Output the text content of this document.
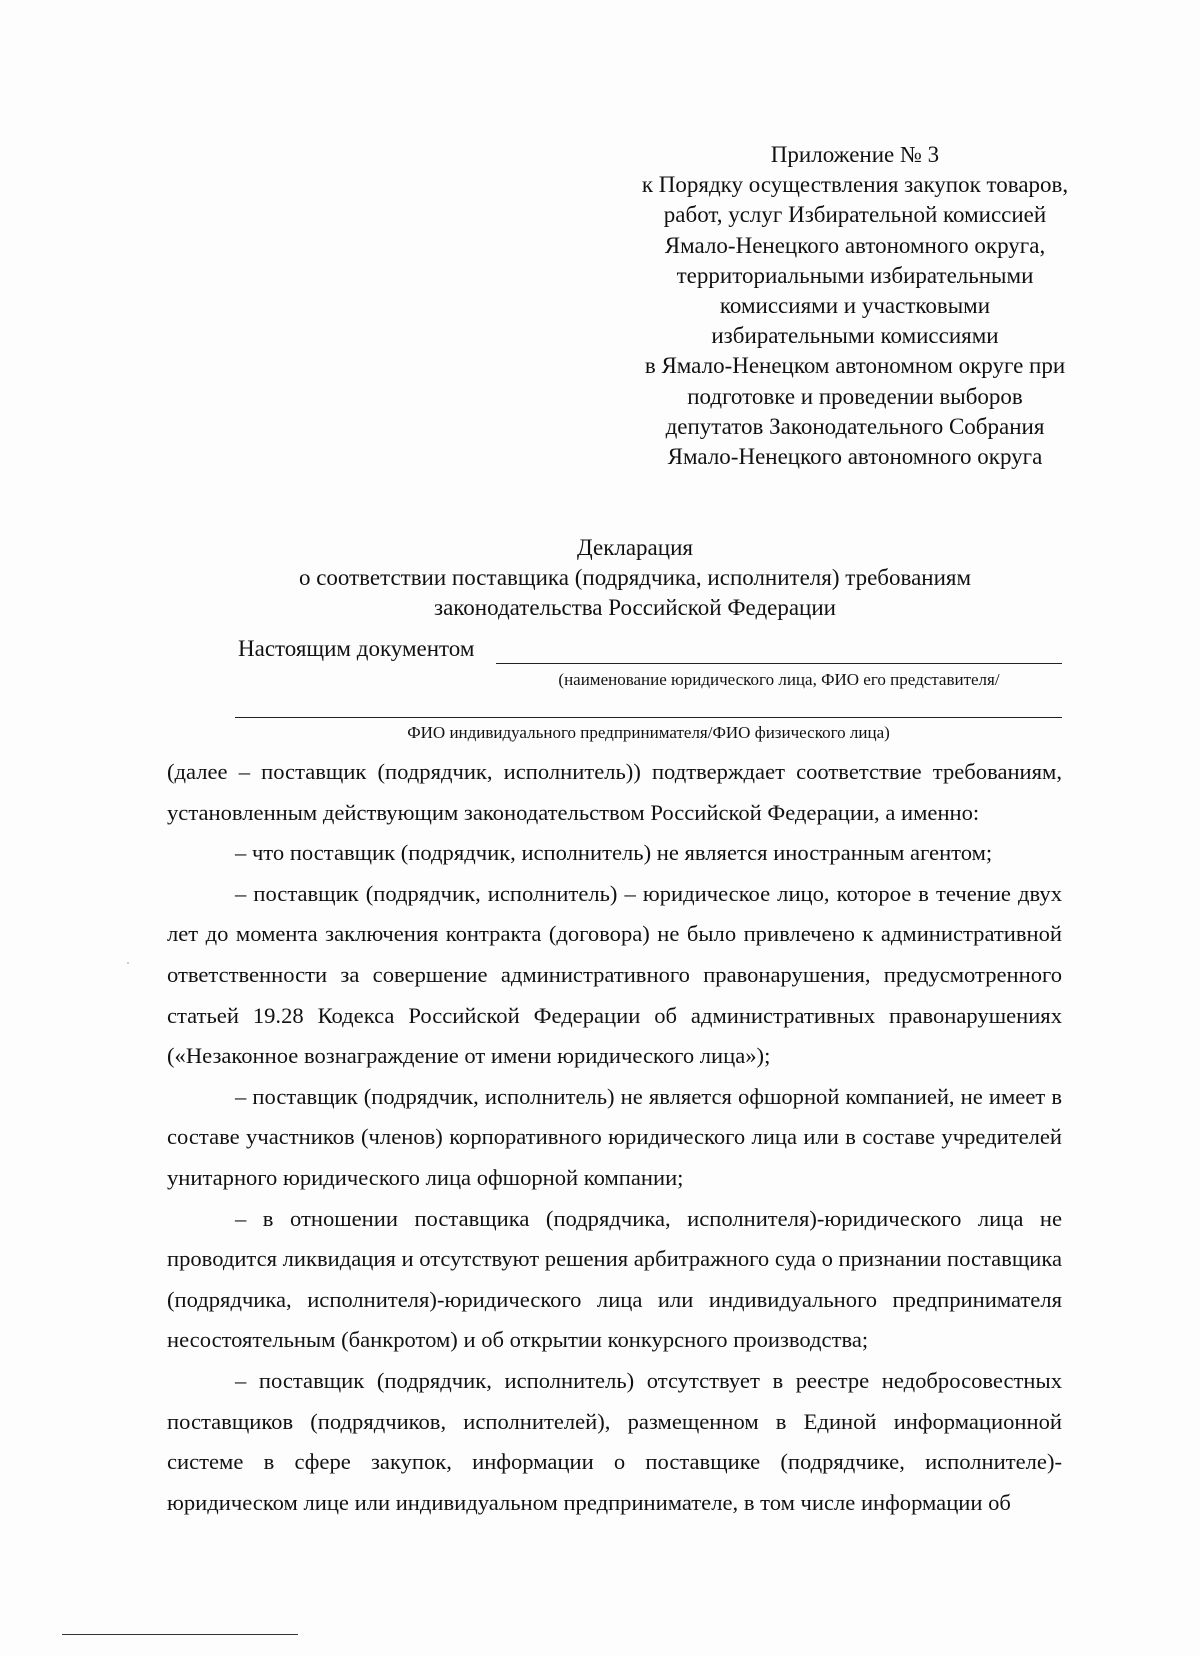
Приложение № 3
к Порядку осуществления закупок товаров,
работ, услуг Избирательной комиссией
Ямало-Ненецкого автономного округа,
территориальными избирательными
комиссиями и участковыми
избирательными комиссиями
в Ямало-Ненецком автономном округе при
подготовке и проведении выборов
депутатов Законодательного Собрания
Ямало-Ненецкого автономного округа
Декларация
о соответствии поставщика (подрядчика, исполнителя) требованиям
законодательства Российской Федерации
Настоящим документом
(наименование юридического лица, ФИО его представителя/
ФИО индивидуального предпринимателя/ФИО физического лица)

(далее – поставщик (подрядчик, исполнитель)) подтверждает соответствие требованиям, установленным действующим законодательством Российской Федерации, а именно:

– что поставщик (подрядчик, исполнитель) не является иностранным агентом;

– поставщик (подрядчик, исполнитель) – юридическое лицо, которое в течение двух лет до момента заключения контракта (договора) не было привлечено к административной ответственности за совершение административного правонарушения, предусмотренного статьей 19.28 Кодекса Российской Федерации об административных правонарушениях («Незаконное вознаграждение от имени юридического лица»);

– поставщик (подрядчик, исполнитель) не является офшорной компанией, не имеет в составе участников (членов) корпоративного юридического лица или в составе учредителей унитарного юридического лица офшорной компании;

– в отношении поставщика (подрядчика, исполнителя)-юридического лица не проводится ликвидация и отсутствуют решения арбитражного суда о признании поставщика (подрядчика, исполнителя)-юридического лица или индивидуального предпринимателя несостоятельным (банкротом) и об открытии конкурсного производства;

– поставщик (подрядчик, исполнитель) отсутствует в реестре недобросовестных поставщиков (подрядчиков, исполнителей), размещенном в Единой информационной системе в сфере закупок, информации о поставщике (подрядчике, исполнителе)-юридическом лице или индивидуальном предпринимателе, в том числе информации об
